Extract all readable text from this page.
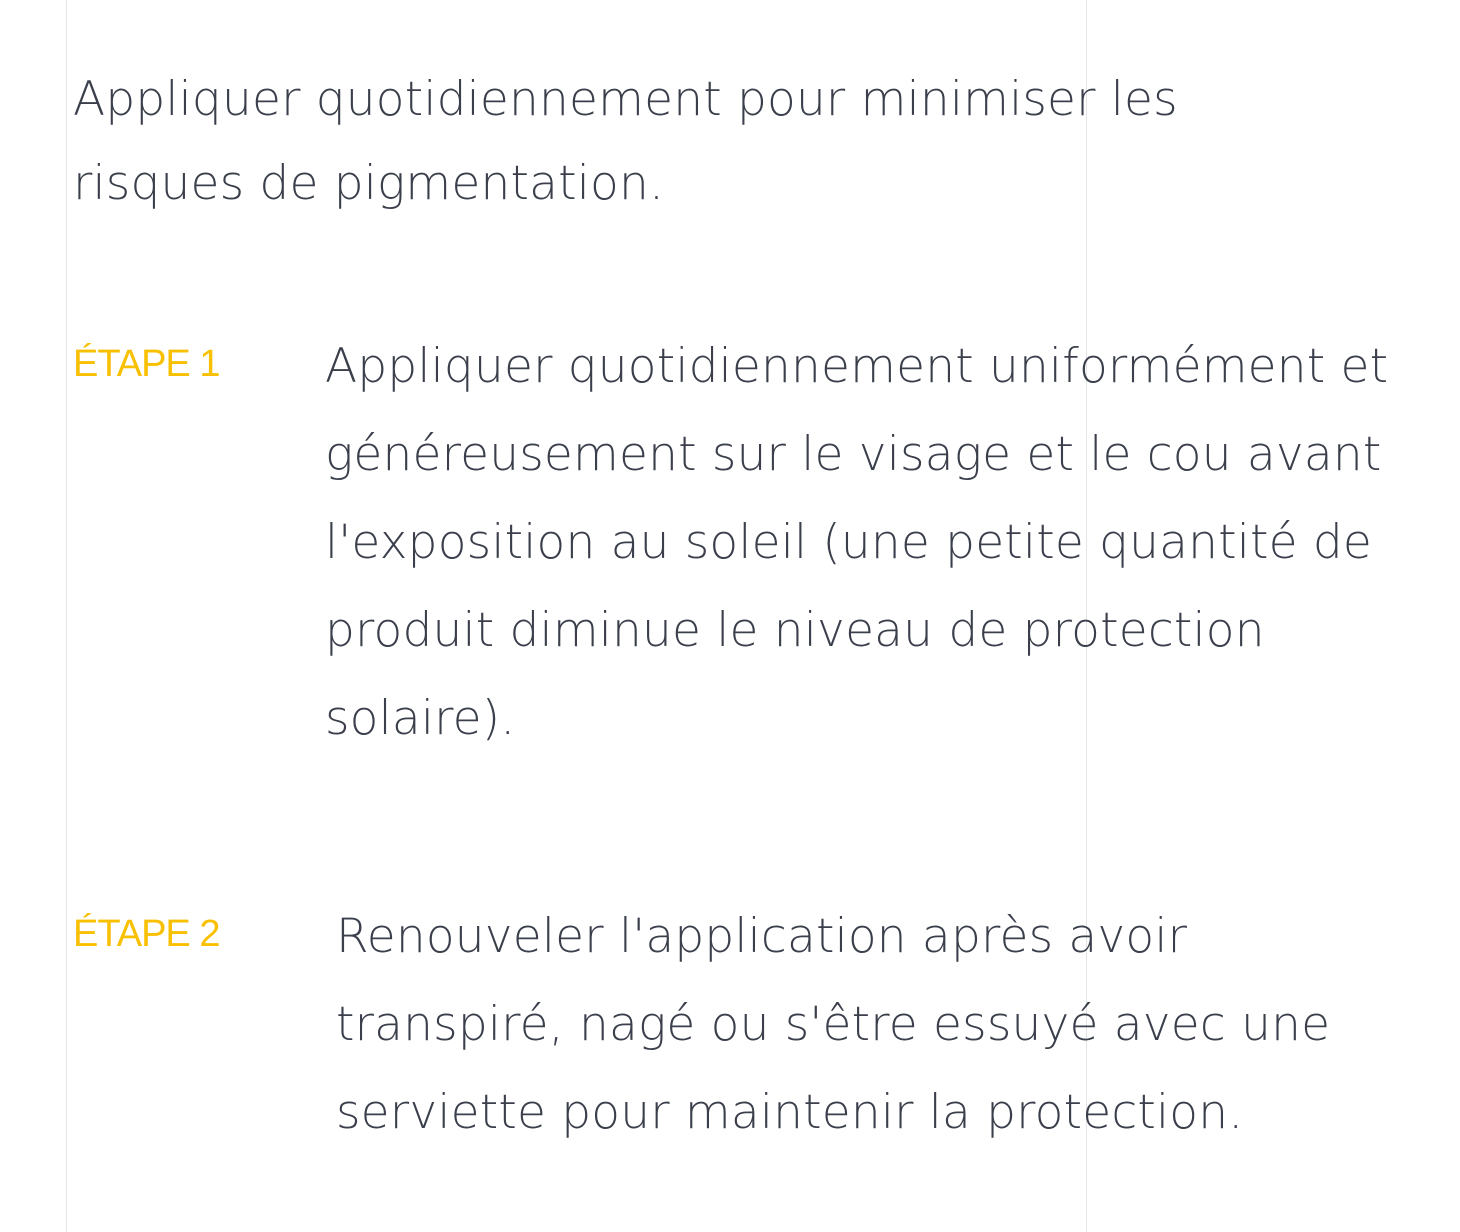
Appliquer quotidiennement pour minimiser les risques de pigmentation.

ÉTAPE 1 Appliquer quotidiennement uniformément et généreusement sur le visage et le cou avant l'exposition au soleil (une petite quantité de produit diminue le niveau de protection solaire).

ÉTAPE 2 Renouveler l'application après avoir transpiré, nagé ou s'être essuyé avec une serviette pour maintenir la protection.
